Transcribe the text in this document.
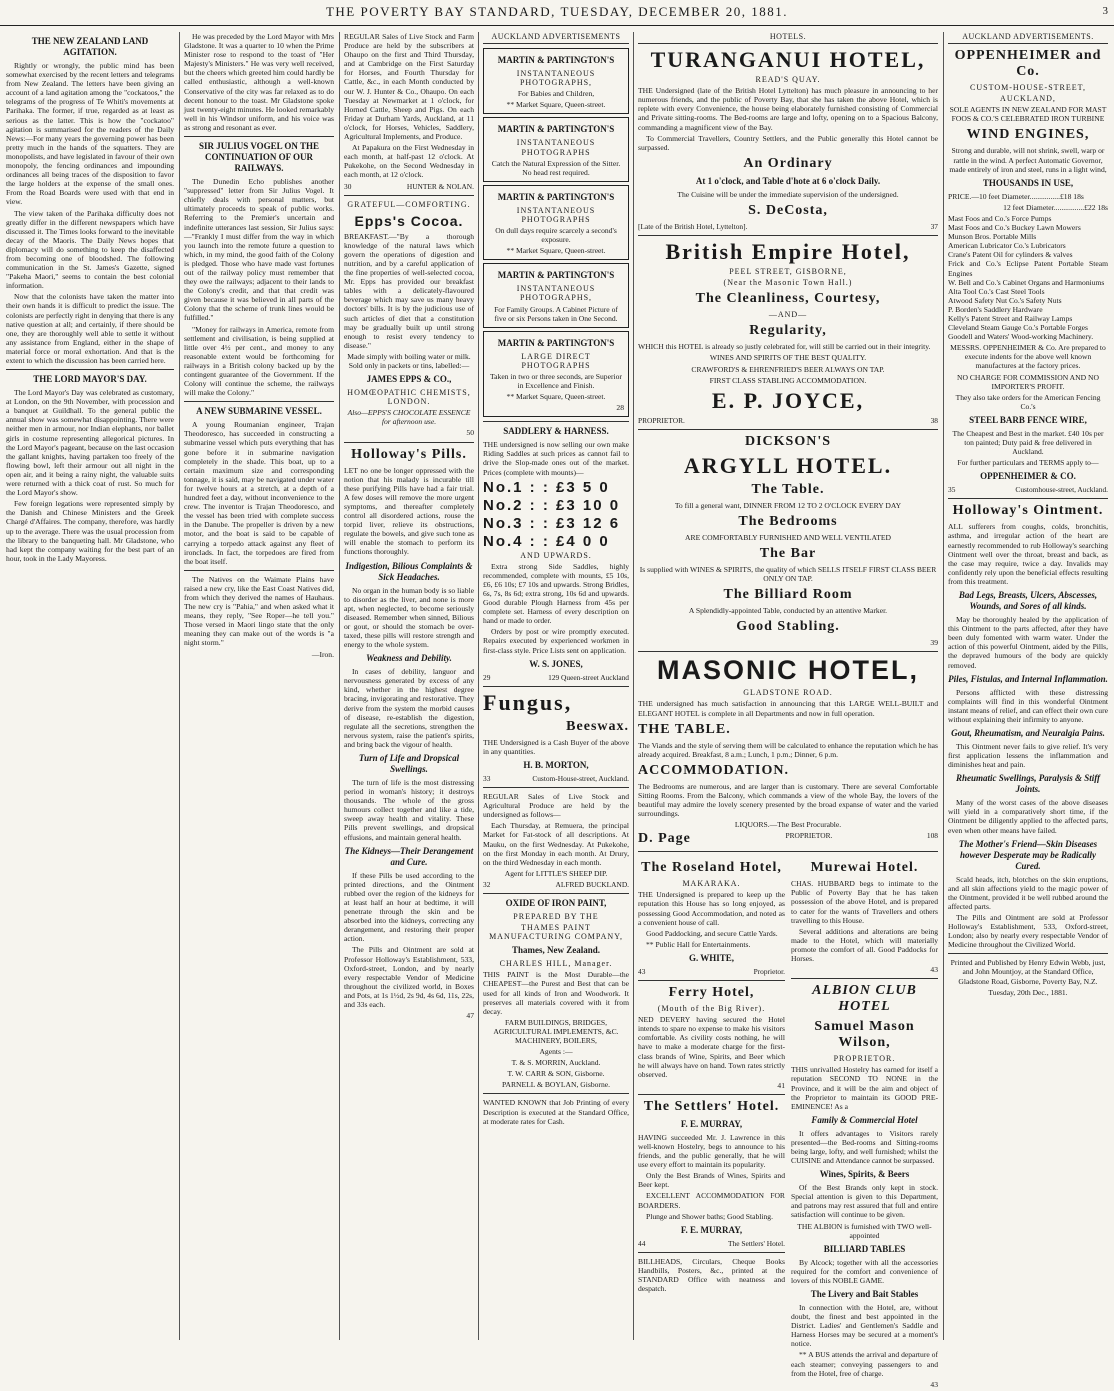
THE POVERTY BAY STANDARD, TUESDAY, DECEMBER 20, 1881.	3
THE NEW ZEALAND LAND AGITATION.

Rightly or wrongly, the public mind has been somewhat exercised by the recent letters and telegrams from New Zealand. The letters have been giving an account of a land agitation among the "cockatoos," the telegrams of the progress of Te Whiti's movements at Parihaka. The former, if true, regarded as at least as serious as the latter. This is how the "cockatoo" agitation is summarised for the readers of the Daily News:—For many years the governing power has been pretty much in the hands of the squatters. They are monopolists, and have legislated in favour of their own monopoly, the fencing ordinances and impounding ordinances all being traces of the disposition to favor the large holders at the expense of the small ones. From the Road Boards were used with that end in view.

The view taken of the Parihaka difficulty does not greatly differ in the different newspapers which have discussed it. The Times looks forward to the inevitable decay of the Maoris. The Daily News hopes that diplomacy will do something to keep the disaffected from becoming one of bloodshed. The following communication in the St. James's Gazette, signed "Pakeha Maori," seems to contain the best colonial information.

Now that the colonists have taken the matter into their own hands it is difficult to predict the issue. The colonists are perfectly right in denying that there is any native question at all; and certainly, if there should be one, they are thoroughly well able to settle it without any assistance from England, either in the shape of material force or moral exhortation. And that is the extent to which the discussion has been carried here.

THE LORD MAYOR'S DAY.

The Lord Mayor's Day was celebrated as customary, at London, on the 9th November, with procession and a banquet at Guildhall. To the general public the annual show was somewhat disappointing. There were neither men in armour, nor Indian elephants, nor ballet girls in costume representing allegorical pictures. In the Lord Mayor's pageant, because on the last occasion the gallant knights, having partaken too freely of the flowing bowl, left their armour out all night in the open air, and it being a rainy night, the valuable suits were returned with a thick coat of rust. So much for the Lord Mayor's show.

Few foreign legations were represented simply by the Danish and Chinese Ministers and the Greek Chargé d'Affaires. The company, therefore, was hardly up to the average. There was the usual procession from the library to the banqueting hall. Mr Gladstone, who had kept the company waiting for the best part of an hour, took in the Lady Mayoress.

He was preceded by the Lord Mayor with Mrs Gladstone. It was a quarter to 10 when the Prime Minister rose to respond to the toast of "Her Majesty's Ministers." He was very well received, but the cheers which greeted him could hardly be called enthusiastic, although a well-known Conservative of the city was far relaxed as to do decent honour to the toast. Mr Gladstone spoke just twenty-eight minutes. He looked remarkably well in his Windsor uniform, and his voice was as strong and resonant as ever.

SIR JULIUS VOGEL ON THE CONTINUATION OF OUR RAILWAYS.

The Dunedin Echo publishes another "suppressed" letter from Sir Julius Vogel. It chiefly deals with personal matters, but ultimately proceeds to speak of public works. Referring to the Premier's uncertain and indefinite utterances last session, Sir Julius says:—"Frankly I must differ from the way in which you launch into the remote future a question to which, in my mind, the good faith of the Colony is pledged. Those who have made vast fortunes out of the railway policy must remember that they owe the railways; adjacent to their lands to the Colony's credit, and that that credit was given because it was believed in all parts of the Colony that the scheme of trunk lines would be fulfilled."

"Money for railways in America, remote from settlement and civilisation, is being supplied at little over 4½ per cent., and money to any reasonable extent would be forthcoming for railways in a British colony backed up by the contingent guarantee of the Government. If the Colony will continue the scheme, the railways will make the Colony."

A NEW SUBMARINE VESSEL.

A young Roumanian engineer, Trajan Theodoresco, has succeeded in constructing a submarine vessel which puts everything that has gone before it in submarine navigation completely in the shade. This boat, up to a certain maximum size and corresponding tonnage, it is said, may be navigated under water for twelve hours at a stretch, at a depth of a hundred feet a day, without inconvenience to the crew. The inventor is Trajan Theodoresco, and the vessel has been tried with complete success in the Danube. The propeller is driven by a new motor, and the boat is said to be capable of carrying a torpedo attack against any fleet of ironclads. In fact, the torpedoes are fired from the boat itself.

The Natives on the Waimate Plains have raised a new cry, like the East Coast Natives did, from which they derived the names of Hauhaus. The new cry is "Pahia," and when asked what it means, they reply, "See Roper—he tell you." Those versed in Maori lingo state that the only meaning they can make out of the words is "a night storm."

—Iron.

REGULAR Sales of Live Stock and Farm Produce are held by the subscribers at Ohaupo on the first and Third Thursday, and at Cambridge on the First Saturday for Horses, and Fourth Thursday for Cattle, &c., in each Month conducted by our W. J. Hunter & Co., Ohaupo. On each Tuesday at Newmarket at 1 o'clock, for Horned Cattle, Sheep and Pigs. On each Friday at Durham Yards, Auckland, at 11 o'clock, for Horses, Vehicles, Saddlery, Agricultural Implements, and Produce.

At Papakura on the First Wednesday in each month, at half-past 12 o'clock. At Pukekohe, on the Second Wednesday in each month, at 12 o'clock.

30	HUNTER & NOLAN.
GRATEFUL—COMFORTING.
Epps's Cocoa.

BREAKFAST.—"By a thorough knowledge of the natural laws which govern the operations of digestion and nutrition, and by a careful application of the fine properties of well-selected cocoa, Mr. Epps has provided our breakfast tables with a delicately-flavoured beverage which may save us many heavy doctors' bills. It is by the judicious use of such articles of diet that a constitution may be gradually built up until strong enough to resist every tendency to disease."

Made simply with boiling water or milk. Sold only in packets or tins, labelled:—

JAMES EPPS & CO.,
HOMŒOPATHIC CHEMISTS, LONDON.

Also—EPPS'S CHOCOLATE ESSENCE for afternoon use.

50

Holloway's Pills.

LET no one be longer oppressed with the notion that his malady is incurable till these purifying Pills have had a fair trial. A few doses will remove the more urgent symptoms, and thereafter completely control all disordered actions, rouse the torpid liver, relieve its obstructions, regulate the bowels, and give such tone as will enable the stomach to perform its functions thoroughly.

Indigestion, Bilious Complaints & Sick Headaches.

No organ in the human body is so liable to disorder as the liver, and none is more apt, when neglected, to become seriously diseased. Remember when sinned, Bilious or gout, or should the stomach be over-taxed, these pills will restore strength and energy to the whole system.

Weakness and Debility.

In cases of debility, languor and nervousness generated by excess of any kind, whether in the highest degree bracing, invigorating and restorative. They derive from the system the morbid causes of disease, re-establish the digestion, regulate all the secretions, strengthen the nervous system, raise the patient's spirits, and bring back the vigour of health.

Turn of Life and Dropsical Swellings.

The turn of life is the most distressing period in woman's history; it destroys thousands. The whole of the gross humours collect together and like a tide, sweep away health and vitality. These Pills prevent swellings, and dropsical effusions, and maintain general health.

The Kidneys—Their Derangement and Cure.

If these Pills be used according to the printed directions, and the Ointment rubbed over the region of the kidneys for at least half an hour at bedtime, it will penetrate through the skin and be absorbed into the kidneys, correcting any derangement, and restoring their proper action.

The Pills and Ointment are sold at Professor Holloway's Establishment, 533, Oxford-street, London, and by nearly every respectable Vendor of Medicine throughout the civilized world, in Boxes and Pots, at 1s 1½d, 2s 9d, 4s 6d, 11s, 22s, and 33s each.

47

AUCKLAND ADVERTISEMENTS
MARTIN & PARTINGTON'S
INSTANTANEOUS PHOTOGRAPHS,

For Babies and Children,

** Market Square, Queen-street.

MARTIN & PARTINGTON'S
INSTANTANEOUS PHOTOGRAPHS

Catch the Natural Expression of the Sitter. No head rest required.

MARTIN & PARTINGTON'S
INSTANTANEOUS PHOTOGRAPHS

On dull days require scarcely a second's exposure.

** Market Square, Queen-street.

MARTIN & PARTINGTON'S
INSTANTANEOUS PHOTOGRAPHS,

For Family Groups. A Cabinet Picture of five or six Persons taken in One Second.

MARTIN & PARTINGTON'S
LARGE DIRECT PHOTOGRAPHS

Taken in two or three seconds, are Superior in Excellence and Finish.

** Market Square, Queen-street.

28

SADDLERY & HARNESS.

THE undersigned is now selling our own make Riding Saddles at such prices as cannot fail to drive the Slop-made ones out of the market. Prices (complete with mounts)—

No.1 : : £3 5 0
No.2 : : £3 10 0
No.3 : : £3 12 6
No.4 : : £4 0 0
AND UPWARDS.

Extra strong Side Saddles, highly recommended, complete with mounts, £5 10s, £6, £6 10s; £7 10s and upwards. Strong Bridles, 6s, 7s, 8s 6d; extra strong, 10s 6d and upwards. Good durable Plough Harness from 45s per complete set. Harness of every description on hand or made to order.

Orders by post or wire promptly executed. Repairs executed by experienced workmen in first-class style. Price Lists sent on application.

W. S. JONES,
29	129 Queen-street Auckland
Fungus,
Beeswax.

THE Undersigned is a Cash Buyer of the above in any quantities.

H. B. MORTON,
33	Custom-House-street, Auckland.

REGULAR Sales of Live Stock and Agricultural Produce are held by the undersigned as follows—

Each Thursday, at Remuera, the principal Market for Fat-stock of all descriptions. At Mauku, on the first Wednesday. At Pukekohe, on the first Monday in each month. At Drury, on the third Wednesday in each month.

Agent for LITTLE'S SHEEP DIP.

32	ALFRED BUCKLAND.
OXIDE OF IRON PAINT,
PREPARED BY THE
THAMES PAINT MANUFACTURING COMPANY,
Thames, New Zealand.
CHARLES HILL, Manager.

THIS PAINT is the Most Durable—the CHEAPEST—the Purest and Best that can be used for all kinds of Iron and Woodwork. It preserves all materials covered with it from decay.

FARM BUILDINGS, BRIDGES, AGRICULTURAL IMPLEMENTS, &C. MACHINERY, BOILERS,

Agents :—

T. & S. MORRIN, Auckland.

T. W. CARR & SON, Gisborne.

PARNELL & BOYLAN, Gisborne.

WANTED KNOWN that Job Printing of every Description is executed at the Standard Office, at moderate rates for Cash.

HOTELS.
TURANGANUI HOTEL,
READ'S QUAY.

THE Undersigned (late of the British Hotel Lyttelton) has much pleasure in announcing to her numerous friends, and the public of Poverty Bay, that she has taken the above Hotel, which is replete with every Convenience, the house being elaborately furnished consisting of Commercial and Private sitting-rooms. The Bed-rooms are large and lofty, opening on to a Spacious Balcony, commanding a magnificent view of the Bay.

To Commercial Travellers, Country Settlers, and the Public generally this Hotel cannot be surpassed.

An Ordinary
At 1 o'clock, and Table d'hote at 6 o'clock Daily.

The Cuisine will be under the immediate supervision of the undersigned.

S. DeCosta,
[Late of the British Hotel, Lyttelton].	37
British Empire Hotel,
PEEL STREET, GISBORNE,
(Near the Masonic Town Hall.)
The Cleanliness, Courtesy,
—AND—
Regularity,

WHICH this HOTEL is already so justly celebrated for, will still be carried out in their integrity.

WINES AND SPIRITS OF THE BEST QUALITY.

CRAWFORD'S & EHRENFRIED'S BEER ALWAYS ON TAP.

FIRST CLASS STABLING ACCOMMODATION.

E. P. JOYCE,
PROPRIETOR.	38
DICKSON'S
ARGYLL HOTEL.
The Table.

To fill a general want, DINNER FROM 12 TO 2 O'CLOCK EVERY DAY

The Bedrooms

ARE COMFORTABLY FURNISHED AND WELL VENTILATED

The Bar

Is supplied with WINES & SPIRITS, the quality of which SELLS ITSELF FIRST CLASS BEER ONLY ON TAP.

The Billiard Room

A Splendidly-appointed Table, conducted by an attentive Marker.

Good Stabling.

39

MASONIC HOTEL,
GLADSTONE ROAD.

THE undersigned has much satisfaction in announcing that this LARGE WELL-BUILT and ELEGANT HOTEL is complete in all Departments and now in full operation.

THE TABLE.

The Viands and the style of serving them will be calculated to enhance the reputation which he has already acquired. Breakfast, 8 a.m.; Lunch, 1 p.m.; Dinner, 6 p.m.

ACCOMMODATION.

The Bedrooms are numerous, and are larger than is customary. There are several Comfortable Sitting Rooms. From the Balcony, which commands a view of the whole Bay, the lovers of the beautiful may admire the lovely scenery presented by the broad expanse of water and the varied surroundings.

LIQUORS.—The Best Procurable.

D. Page	PROPRIETOR.	108
The Roseland Hotel,
MAKARAKA.

THE Undersigned is prepared to keep up the reputation this House has so long enjoyed, as possessing Good Accommodation, and noted as a convenient house of call.

Good Paddocking, and secure Cattle Yards.

** Public Hall for Entertainments.

G. WHITE,
43	Proprietor.
Ferry Hotel,
(Mouth of the Big River).

NED DEVERY having secured the Hotel intends to spare no expense to make his visitors comfortable. As civility costs nothing, he will have to make a moderate charge for the first-class brands of Wine, Spirits, and Beer which he will always have on hand. Town rates strictly observed.

41

The Settlers' Hotel.
F. E. MURRAY,

HAVING succeeded Mr. J. Lawrence in this well-known Hostelry, begs to announce to his friends, and the public generally, that he will use every effort to maintain its popularity.

Only the Best Brands of Wines, Spirits and Beer kept.

EXCELLENT ACCOMMODATION FOR BOARDERS.

Plunge and Shower baths; Good Stabling.

F. E. MURRAY,
44	The Settlers' Hotel.

BILLHEADS, Circulars, Cheque Books Handbills, Posters, &c., printed at the STANDARD Office with neatness and despatch.

Murewai Hotel.

CHAS. HUBBARD begs to intimate to the Public of Poverty Bay that he has taken possession of the above Hotel, and is prepared to cater for the wants of Travellers and others travelling to this House.

Several additions and alterations are being made to the Hotel, which will materially promote the comfort of all. Good Paddocks for Horses.

43

ALBION CLUB HOTEL
Samuel Mason Wilson,
PROPRIETOR.

THIS unrivalled Hostelry has earned for itself a reputation SECOND TO NONE in the Province, and it will be the aim and object of the Proprietor to maintain its GOOD PRE-EMINENCE! As a

Family & Commercial Hotel

It offers advantages to Visitors rarely presented—the Bed-rooms and Sitting-rooms being large, lofty, and well furnished; whilst the CUISINE and Attendance cannot be surpassed.

Wines, Spirits, & Beers

Of the Best Brands only kept in stock. Special attention is given to this Department, and patrons may rest assured that full and entire satisfaction will continue to be given.

THE ALBION is furnished with TWO well-appointed

BILLIARD TABLES

By Alcock; together with all the accessories required for the comfort and convenience of lovers of this NOBLE GAME.

The Livery and Bait Stables

In connection with the Hotel, are, without doubt, the finest and best appointed in the District. Ladies' and Gentlemen's Saddle and Harness Horses may be secured at a moment's notice.

** A BUS attends the arrival and departure of each steamer; conveying passengers to and from the Hotel, free of charge.

43

AUCKLAND ADVERTISEMENTS.
OPPENHEIMER and Co.
CUSTOM-HOUSE-STREET,
AUCKLAND,

SOLE AGENTS IN NEW ZEALAND FOR MAST FOOS & CO.'S CELEBRATED IRON TURBINE

WIND ENGINES,

Strong and durable, will not shrink, swell, warp or rattle in the wind. A perfect Automatic Governor, made entirely of iron and steel, runs in a light wind,

THOUSANDS IN USE,

PRICE.—10 feet Diameter................£18 18s

12 feet Diameter................£22 18s

Mast Foos and Co.'s Force Pumps
Mast Foos and Co.'s Buckey Lawn Mowers
Munson Bros. Portable Mills
American Lubricator Co.'s Lubricators
Crane's Patent Oil for cylinders & valves
Frick and Co.'s Eclipse Patent Portable Steam Engines
W. Bell and Co.'s Cabinet Organs and Harmoniums
Alta Tool Co.'s Cast Steel Tools
Atwood Safety Nut Co.'s Safety Nuts
P. Borden's Saddlery Hardware
Kelly's Patent Street and Railway Lamps
Cleveland Steam Gauge Co.'s Portable Forges
Goodell and Waters' Wood-working Machinery.

MESSRS. OPPENHEIMER & Co. Are prepared to execute indents for the above well known manufactures at the factory prices.

NO CHARGE FOR COMMISSION AND NO IMPORTER'S PROFIT.

They also take orders for the American Fencing Co.'s

STEEL BARB FENCE WIRE,

The Cheapest and Best in the market. £40 10s per ton painted; Duty paid & free delivered in Auckland.

For further particulars and TERMS apply to—

OPPENHEIMER & CO.
35	Customhouse-street, Auckland.
Holloway's Ointment.

ALL sufferers from coughs, colds, bronchitis, asthma, and irregular action of the heart are earnestly recommended to rub Holloway's searching Ointment well over the throat, breast and back, as the case may require, twice a day. Invalids may confidently rely upon the beneficial effects resulting from this treatment.

Bad Legs, Breasts, Ulcers, Abscesses, Wounds, and Sores of all kinds.

May be thoroughly healed by the application of this Ointment to the parts affected, after they have been duly fomented with warm water. Under the action of this powerful Ointment, aided by the Pills, the depraved humours of the body are quickly removed.

Piles, Fistulas, and Internal Inflammation.

Persons afflicted with these distressing complaints will find in this wonderful Ointment instant means of relief, and can effect their own cure without explaining their infirmity to anyone.

Gout, Rheumatism, and Neuralgia Pains.

This Ointment never fails to give relief. It's very first application lessens the inflammation and diminishes heat and pain.

Rheumatic Swellings, Paralysis & Stiff Joints.

Many of the worst cases of the above diseases will yield in a comparatively short time, if the Ointment be diligently applied to the affected parts, even when other means have failed.

The Mother's Friend—Skin Diseases however Desperate may be Radically Cured.

Scald heads, itch, blotches on the skin eruptions, and all skin affections yield to the magic power of the Ointment, provided it be well rubbed around the affected parts.

The Pills and Ointment are sold at Professor Holloway's Establishment, 533, Oxford-street, London; also by nearly every respectable Vendor of Medicine throughout the Civilized World.

Printed and Published by Henry Edwin Webb, just, and John Mountjoy, at the Standard Office, Gladstone Road, Gisborne, Poverty Bay, N.Z.

Tuesday, 20th Dec., 1881.
